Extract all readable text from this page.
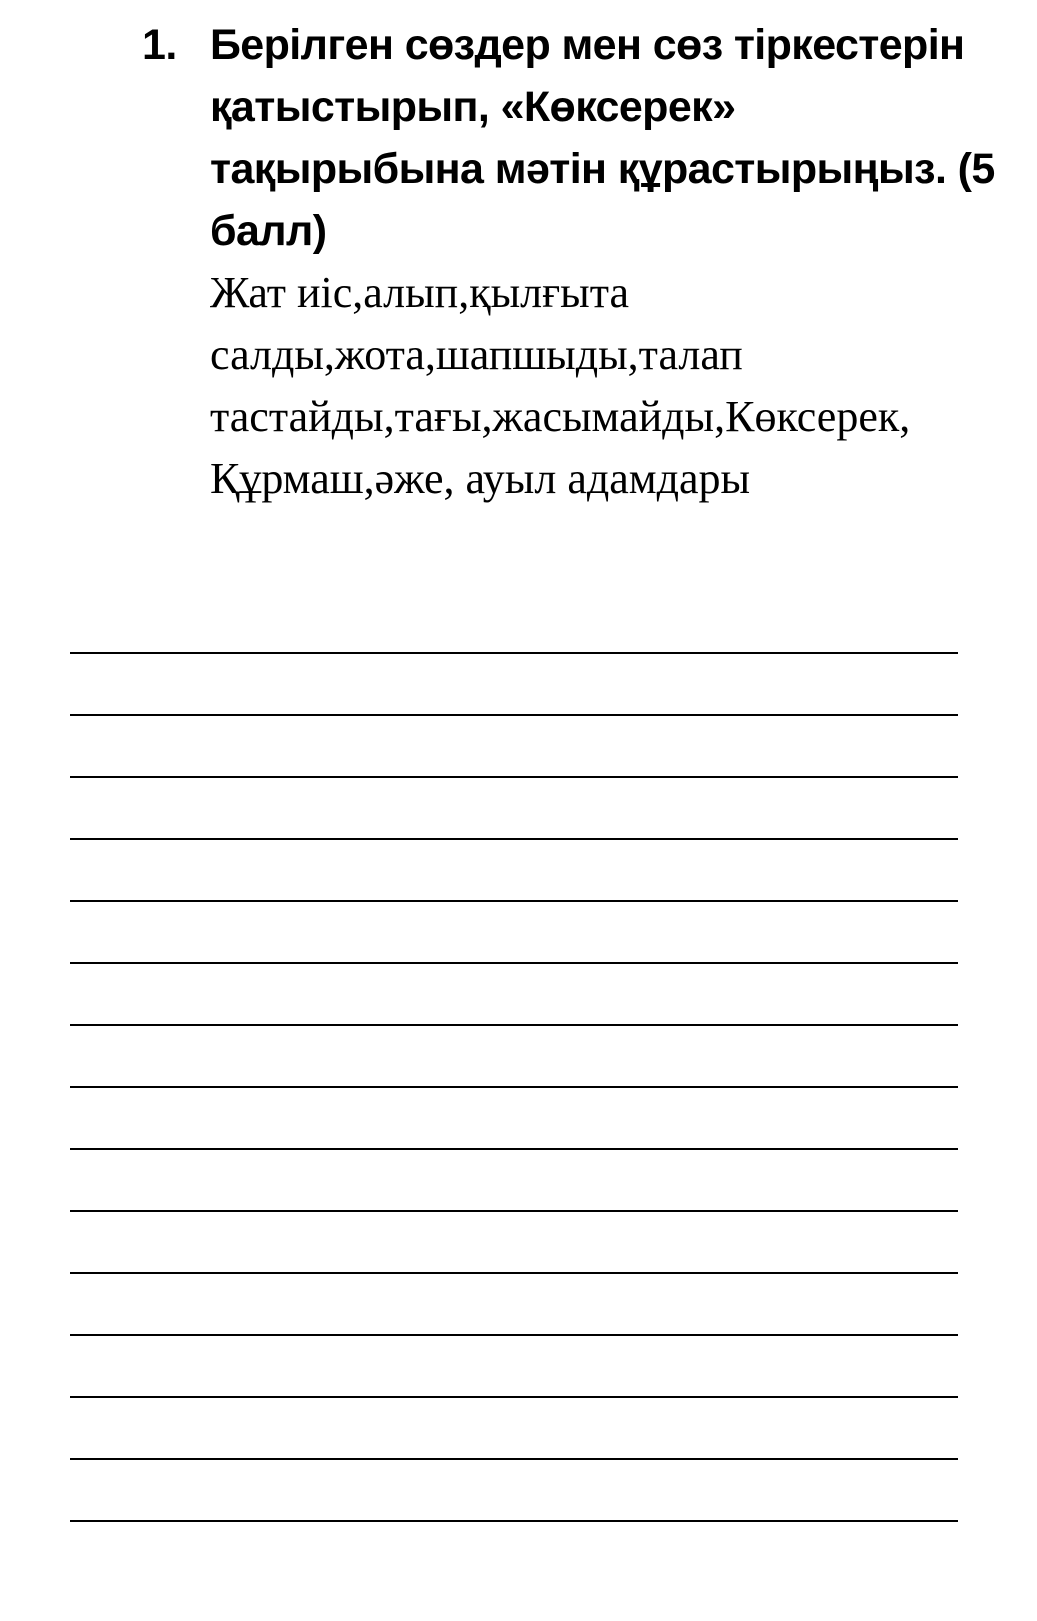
1. Берілген сөздер мен сөз тіркестерін
қатыстырып, «Көксерек»
тақырыбына мәтін құрастырыңыз. (5
балл)

Жат иіс,алып,қылғыта
салды,жота,шапшыды,талап
тастайды,тағы,жасымайды,Көксерек,
Құрмаш,әже, ауыл адамдары
